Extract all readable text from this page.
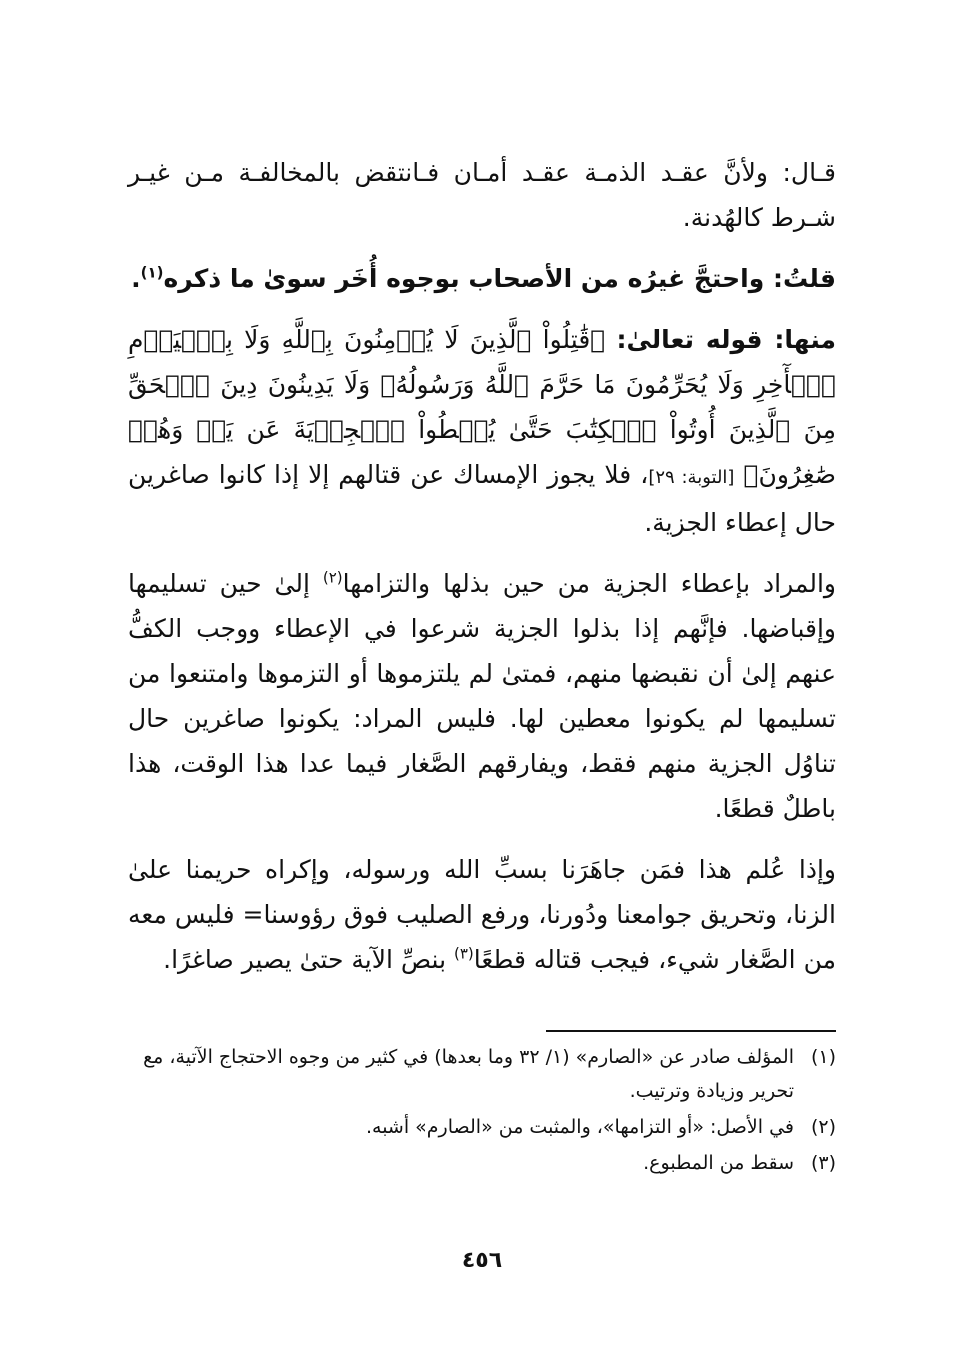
قـال: ولأنَّ عقـد الذمـة عقـد أمـان فـانتقض بالمخالفـة مـن غيـر شـرط كالهُدنة.

قلتُ: واحتجَّ غيرُه من الأصحاب بوجوه أُخَر سوىٰ ما ذكره$^{(١)}$.

منها: قوله تعالىٰ: ﴿قَٰتِلُواْ ٱلَّذِينَ لَا يُؤۡمِنُونَ بِٱللَّهِ وَلَا بِٱلۡيَوۡمِ ٱلۡأٓخِرِ وَلَا يُحَرِّمُونَ مَا حَرَّمَ ٱللَّهُ وَرَسُولُهُۥ وَلَا يَدِينُونَ دِينَ ٱلۡحَقِّ مِنَ ٱلَّذِينَ أُوتُواْ ٱلۡكِتَٰبَ حَتَّىٰ يُعۡطُواْ ٱلۡجِزۡيَةَ عَن يَدٖ وَهُمۡ صَٰغِرُونَ﴾ [التوبة: ٢٩]، فلا يجوز الإمساك عن قتالهم إلا إذا كانوا صاغرين حال إعطاء الجزية.

والمراد بإعطاء الجزية من حين بذلها والتزامها$^{(٢)}$ إلىٰ حين تسليمها وإقباضها. فإنَّهم إذا بذلوا الجزية شرعوا في الإعطاء ووجب الكفُّ عنهم إلىٰ أن نقبضها منهم، فمتىٰ لم يلتزموها أو التزموها وامتنعوا من تسليمها لم يكونوا معطين لها. فليس المراد: يكونوا صاغرين حال تناوُل الجزية منهم فقط، ويفارقهم الصَّغار فيما عدا هذا الوقت، هذا باطلٌ قطعًا.

وإذا عُلم هذا فمَن جاهَرَنا بسبِّ الله ورسوله، وإكراه حريمنا علىٰ الزنا، وتحريق جوامعنا ودُورنا، ورفع الصليب فوق رؤوسنا= فليس معه من الصَّغار شيء، فيجب قتاله قطعًا$^{(٣)}$ بنصِّ الآية حتىٰ يصير صاغرًا.

(١)
المؤلف صادر عن «الصارم» (١/ ٣٢ وما بعدها) في كثير من وجوه الاحتجاج الآتية، مع تحرير وزيادة وترتيب.
(٢)
في الأصل: «أو التزامها»، والمثبت من «الصارم» أشبه.
(٣)
سقط من المطبوع.
٤٥٦
